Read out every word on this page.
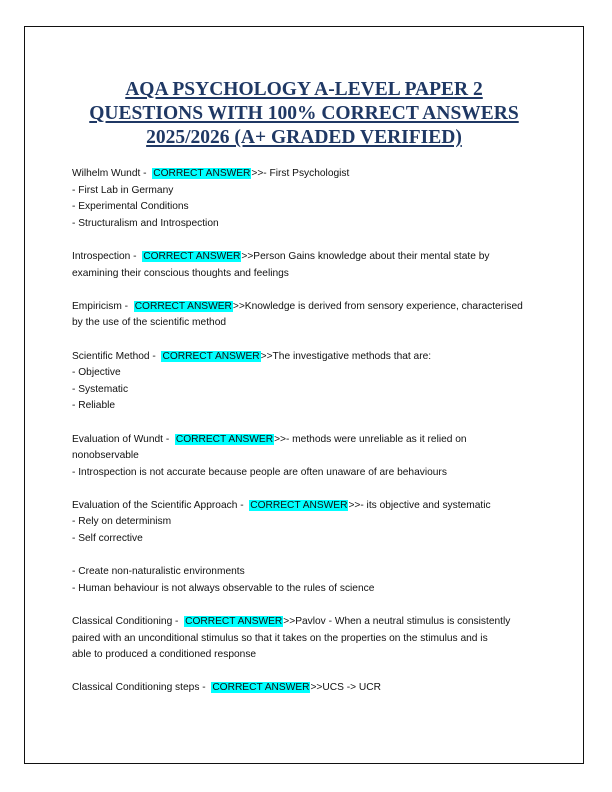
AQA PSYCHOLOGY A-LEVEL PAPER 2
QUESTIONS WITH 100% CORRECT ANSWERS
2025/2026 (A+ GRADED VERIFIED)
Wilhelm Wundt - CORRECT ANSWER>>- First Psychologist
- First Lab in Germany
- Experimental Conditions
- Structuralism and Introspection
Introspection - CORRECT ANSWER>>Person Gains knowledge about their mental state by
examining their conscious thoughts and feelings
Empiricism - CORRECT ANSWER>>Knowledge is derived from sensory experience, characterised
by the use of the scientific method
Scientific Method - CORRECT ANSWER>>The investigative methods that are:
- Objective
- Systematic
- Reliable
Evaluation of Wundt - CORRECT ANSWER>>- methods were unreliable as it relied on
nonobservable
- Introspection is not accurate because people are often unaware of are behaviours
Evaluation of the Scientific Approach - CORRECT ANSWER>>- its objective and systematic
- Rely on determinism
- Self corrective
- Create non-naturalistic environments
- Human behaviour is not always observable to the rules of science
Classical Conditioning - CORRECT ANSWER>>Pavlov - When a neutral stimulus is consistently
paired with an unconditional stimulus so that it takes on the properties on the stimulus and is
able to produced a conditioned response
Classical Conditioning steps - CORRECT ANSWER>>UCS -> UCR
